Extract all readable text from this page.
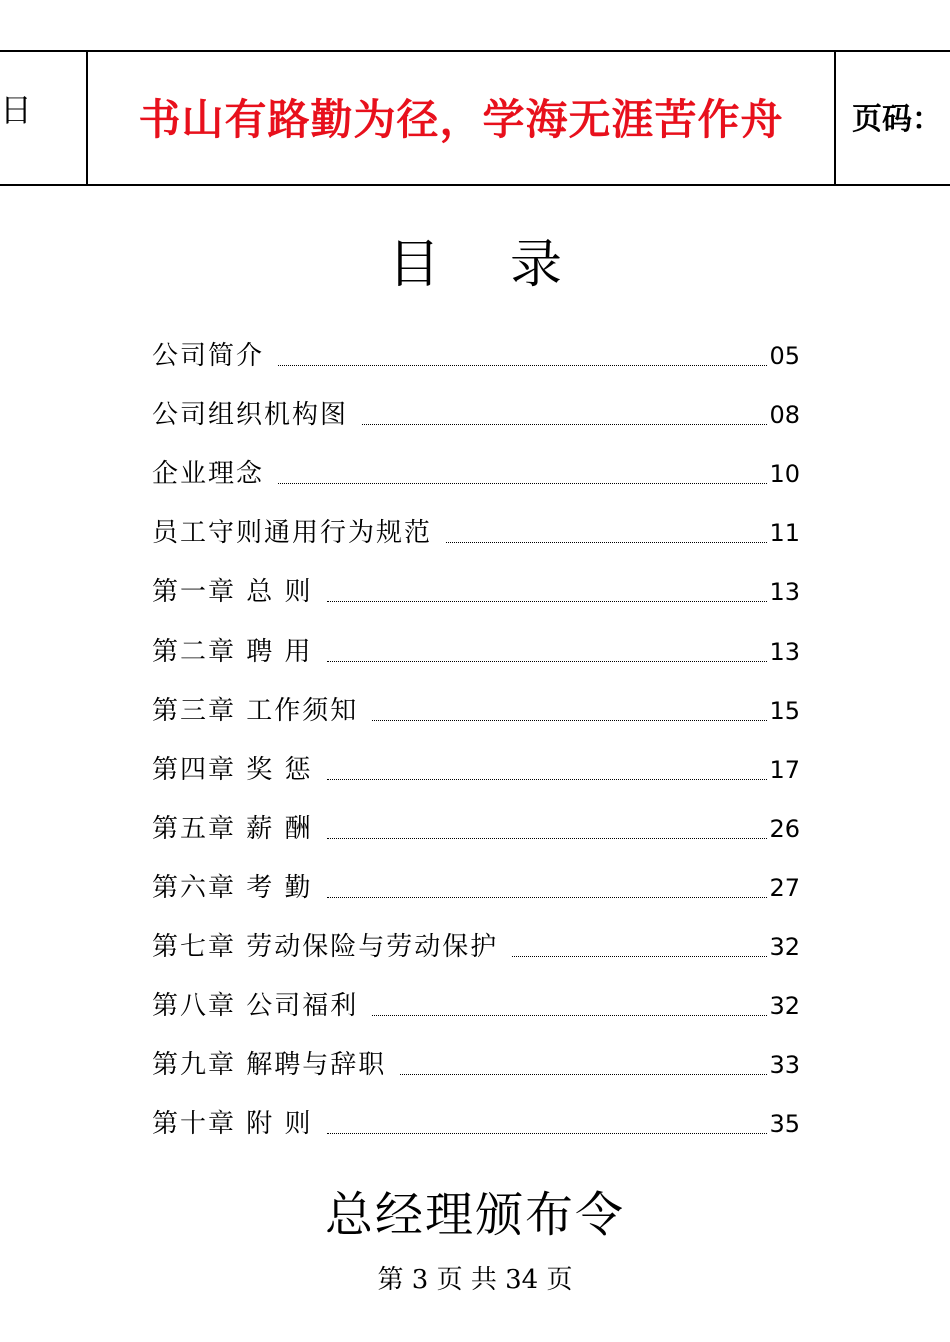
日	书山有路勤为径，学海无涯苦作舟	页码：
目 录
公司简介	05
公司组织机构图	08
企业理念	10
员工守则通用行为规范	11
第一章 总 则	13
第二章 聘 用	13
第三章 工作须知	15
第四章 奖 惩	17
第五章 薪 酬	26
第六章 考 勤	27
第七章 劳动保险与劳动保护	32
第八章 公司福利	32
第九章 解聘与辞职	33
第十章 附 则	35
总经理颁布令
第 3 页 共 34 页
